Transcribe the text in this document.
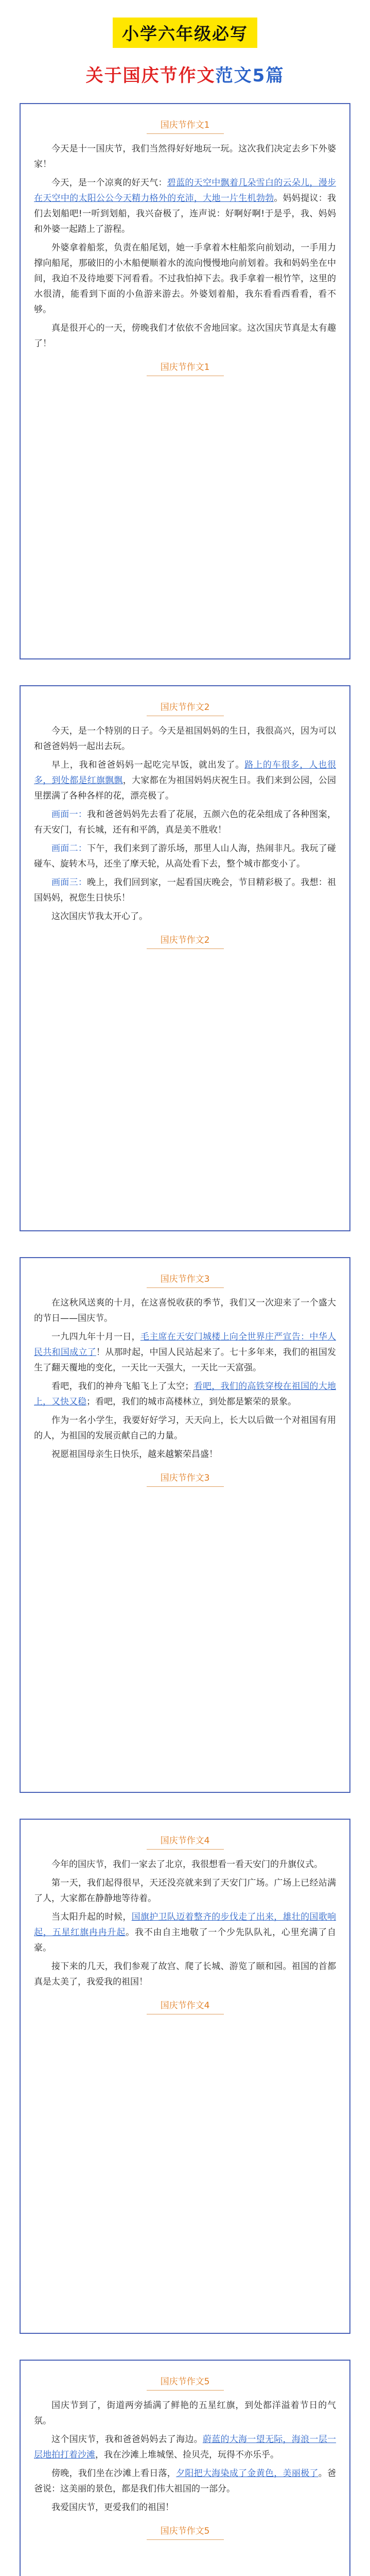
小学六年级必写
关于国庆节作文范文5篇
国庆节作文1

今天是十一国庆节，我们当然得好好地玩一玩。这次我们决定去乡下外婆家！

今天，是一个凉爽的好天气：碧蓝的天空中飘着几朵雪白的云朵儿，漫步在天空中的太阳公公今天精力格外的充沛，大地一片生机勃勃。妈妈提议：我们去划船吧!一听到划船，我兴奋极了，连声说：好啊好啊!于是乎，我、妈妈和外婆一起踏上了游程。

外婆拿着船浆，负责在船尾划，她一手拿着木柱船浆向前划动，一手用力撑向船尾，那破旧的小木船便顺着水的流向慢慢地向前划着。我和妈妈坐在中间，我迫不及待地要下河看看。不过我怕掉下去。我手拿着一根竹竿，这里的水很清，能看到下面的小鱼游来游去。外婆划着船，我东看看西看看，看不够。

真是很开心的一天，傍晚我们才依依不舍地回家。这次国庆节真是太有趣了！

国庆节作文1
国庆节作文2

今天，是一个特别的日子。今天是祖国妈妈的生日，我很高兴，因为可以和爸爸妈妈一起出去玩。

早上，我和爸爸妈妈一起吃完早饭，就出发了。路上的车很多，人也很多，到处都是红旗飘飘，大家都在为祖国妈妈庆祝生日。我们来到公园，公园里摆满了各种各样的花，漂亮极了。

画面一：我和爸爸妈妈先去看了花展，五颜六色的花朵组成了各种图案，有天安门，有长城，还有和平鸽，真是美不胜收！

画面二：下午，我们来到了游乐场，那里人山人海，热闹非凡。我玩了碰碰车、旋转木马，还坐了摩天轮，从高处看下去，整个城市都变小了。

画面三：晚上，我们回到家，一起看国庆晚会，节目精彩极了。我想：祖国妈妈，祝您生日快乐！

这次国庆节我太开心了。

国庆节作文2
国庆节作文3

在这秋风送爽的十月，在这喜悦收获的季节，我们又一次迎来了一个盛大的节日——国庆节。

一九四九年十月一日，毛主席在天安门城楼上向全世界庄严宣告：中华人民共和国成立了！从那时起，中国人民站起来了。七十多年来，我们的祖国发生了翻天覆地的变化，一天比一天强大，一天比一天富强。

看吧，我们的神舟飞船飞上了太空；看吧，我们的高铁穿梭在祖国的大地上，又快又稳；看吧，我们的城市高楼林立，到处都是繁荣的景象。

作为一名小学生，我要好好学习，天天向上，长大以后做一个对祖国有用的人，为祖国的发展贡献自己的力量。

祝愿祖国母亲生日快乐，越来越繁荣昌盛！

国庆节作文3
国庆节作文4

今年的国庆节，我们一家去了北京，我很想看一看天安门的升旗仪式。

第一天，我们起得很早，天还没亮就来到了天安门广场。广场上已经站满了人，大家都在静静地等待着。

当太阳升起的时候，国旗护卫队迈着整齐的步伐走了出来，雄壮的国歌响起，五星红旗冉冉升起。我不由自主地敬了一个少先队队礼，心里充满了自豪。

接下来的几天，我们参观了故宫、爬了长城、游览了颐和园。祖国的首都真是太美了，我爱我的祖国！

国庆节作文4
国庆节作文5

国庆节到了，街道两旁插满了鲜艳的五星红旗，到处都洋溢着节日的气氛。

这个国庆节，我和爸爸妈妈去了海边。蔚蓝的大海一望无际，海浪一层一层地拍打着沙滩，我在沙滩上堆城堡、捡贝壳，玩得不亦乐乎。

傍晚，我们坐在沙滩上看日落，夕阳把大海染成了金黄色，美丽极了。爸爸说：这美丽的景色，都是我们伟大祖国的一部分。

我爱国庆节，更爱我们的祖国！

国庆节作文5
